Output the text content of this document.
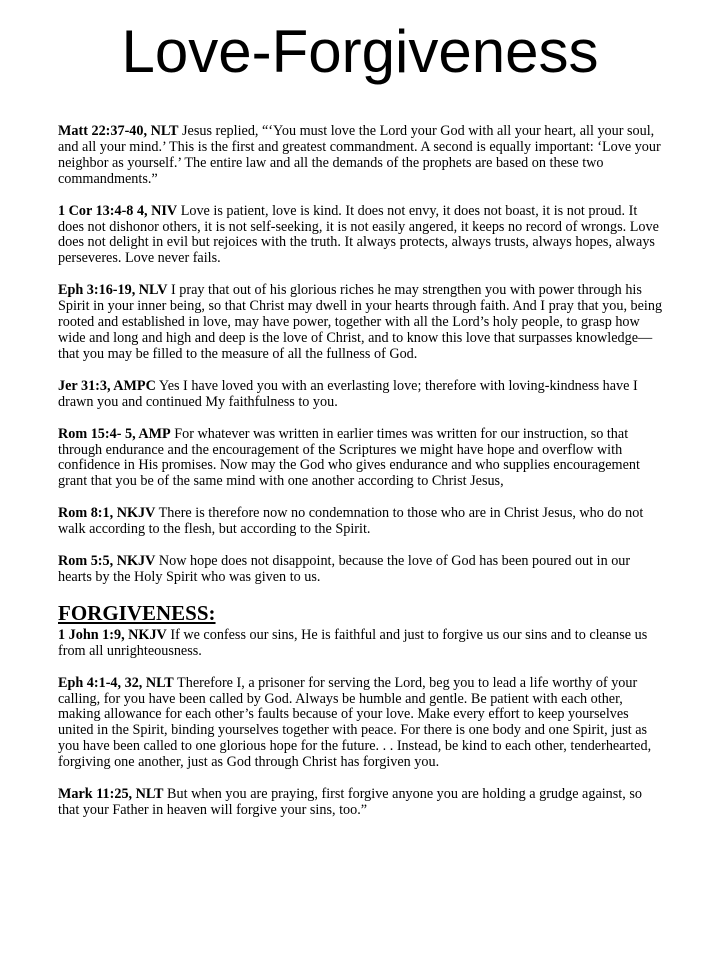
Love-Forgiveness

Matt 22:37-40, NLT Jesus replied, “‘You must love the Lord your God with all your heart, all your soul, and all your mind.’ This is the first and greatest commandment. A second is equally important: ‘Love your neighbor as yourself.’ The entire law and all the demands of the prophets are based on these two commandments.”

1 Cor 13:4-8 4, NIV Love is patient, love is kind. It does not envy, it does not boast, it is not proud. It does not dishonor others, it is not self-seeking, it is not easily angered, it keeps no record of wrongs. Love does not delight in evil but rejoices with the truth. It always protects, always trusts, always hopes, always perseveres. Love never fails.

Eph 3:16-19, NLV I pray that out of his glorious riches he may strengthen you with power through his Spirit in your inner being, so that Christ may dwell in your hearts through faith. And I pray that you, being rooted and established in love, may have power, together with all the Lord’s holy people, to grasp how wide and long and high and deep is the love of Christ, and to know this love that surpasses knowledge—that you may be filled to the measure of all the fullness of God.

Jer 31:3, AMPC Yes I have loved you with an everlasting love; therefore with loving-kindness have I drawn you and continued My faithfulness to you.

Rom 15:4- 5, AMP For whatever was written in earlier times was written for our instruction, so that through endurance and the encouragement of the Scriptures we might have hope and overflow with confidence in His promises. Now may the God who gives endurance and who supplies encouragement grant that you be of the same mind with one another according to Christ Jesus,

Rom 8:1, NKJV There is therefore now no condemnation to those who are in Christ Jesus, who do not walk according to the flesh, but according to the Spirit.

Rom 5:5, NKJV Now hope does not disappoint, because the love of God has been poured out in our hearts by the Holy Spirit who was given to us.

FORGIVENESS:

1 John 1:9, NKJV If we confess our sins, He is faithful and just to forgive us our sins and to cleanse us from all unrighteousness.

Eph 4:1-4, 32, NLT Therefore I, a prisoner for serving the Lord, beg you to lead a life worthy of your calling, for you have been called by God. Always be humble and gentle. Be patient with each other, making allowance for each other’s faults because of your love. Make every effort to keep yourselves united in the Spirit, binding yourselves together with peace. For there is one body and one Spirit, just as you have been called to one glorious hope for the future. . . Instead, be kind to each other, tenderhearted, forgiving one another, just as God through Christ has forgiven you.

Mark 11:25, NLT But when you are praying, first forgive anyone you are holding a grudge against, so that your Father in heaven will forgive your sins, too.”
